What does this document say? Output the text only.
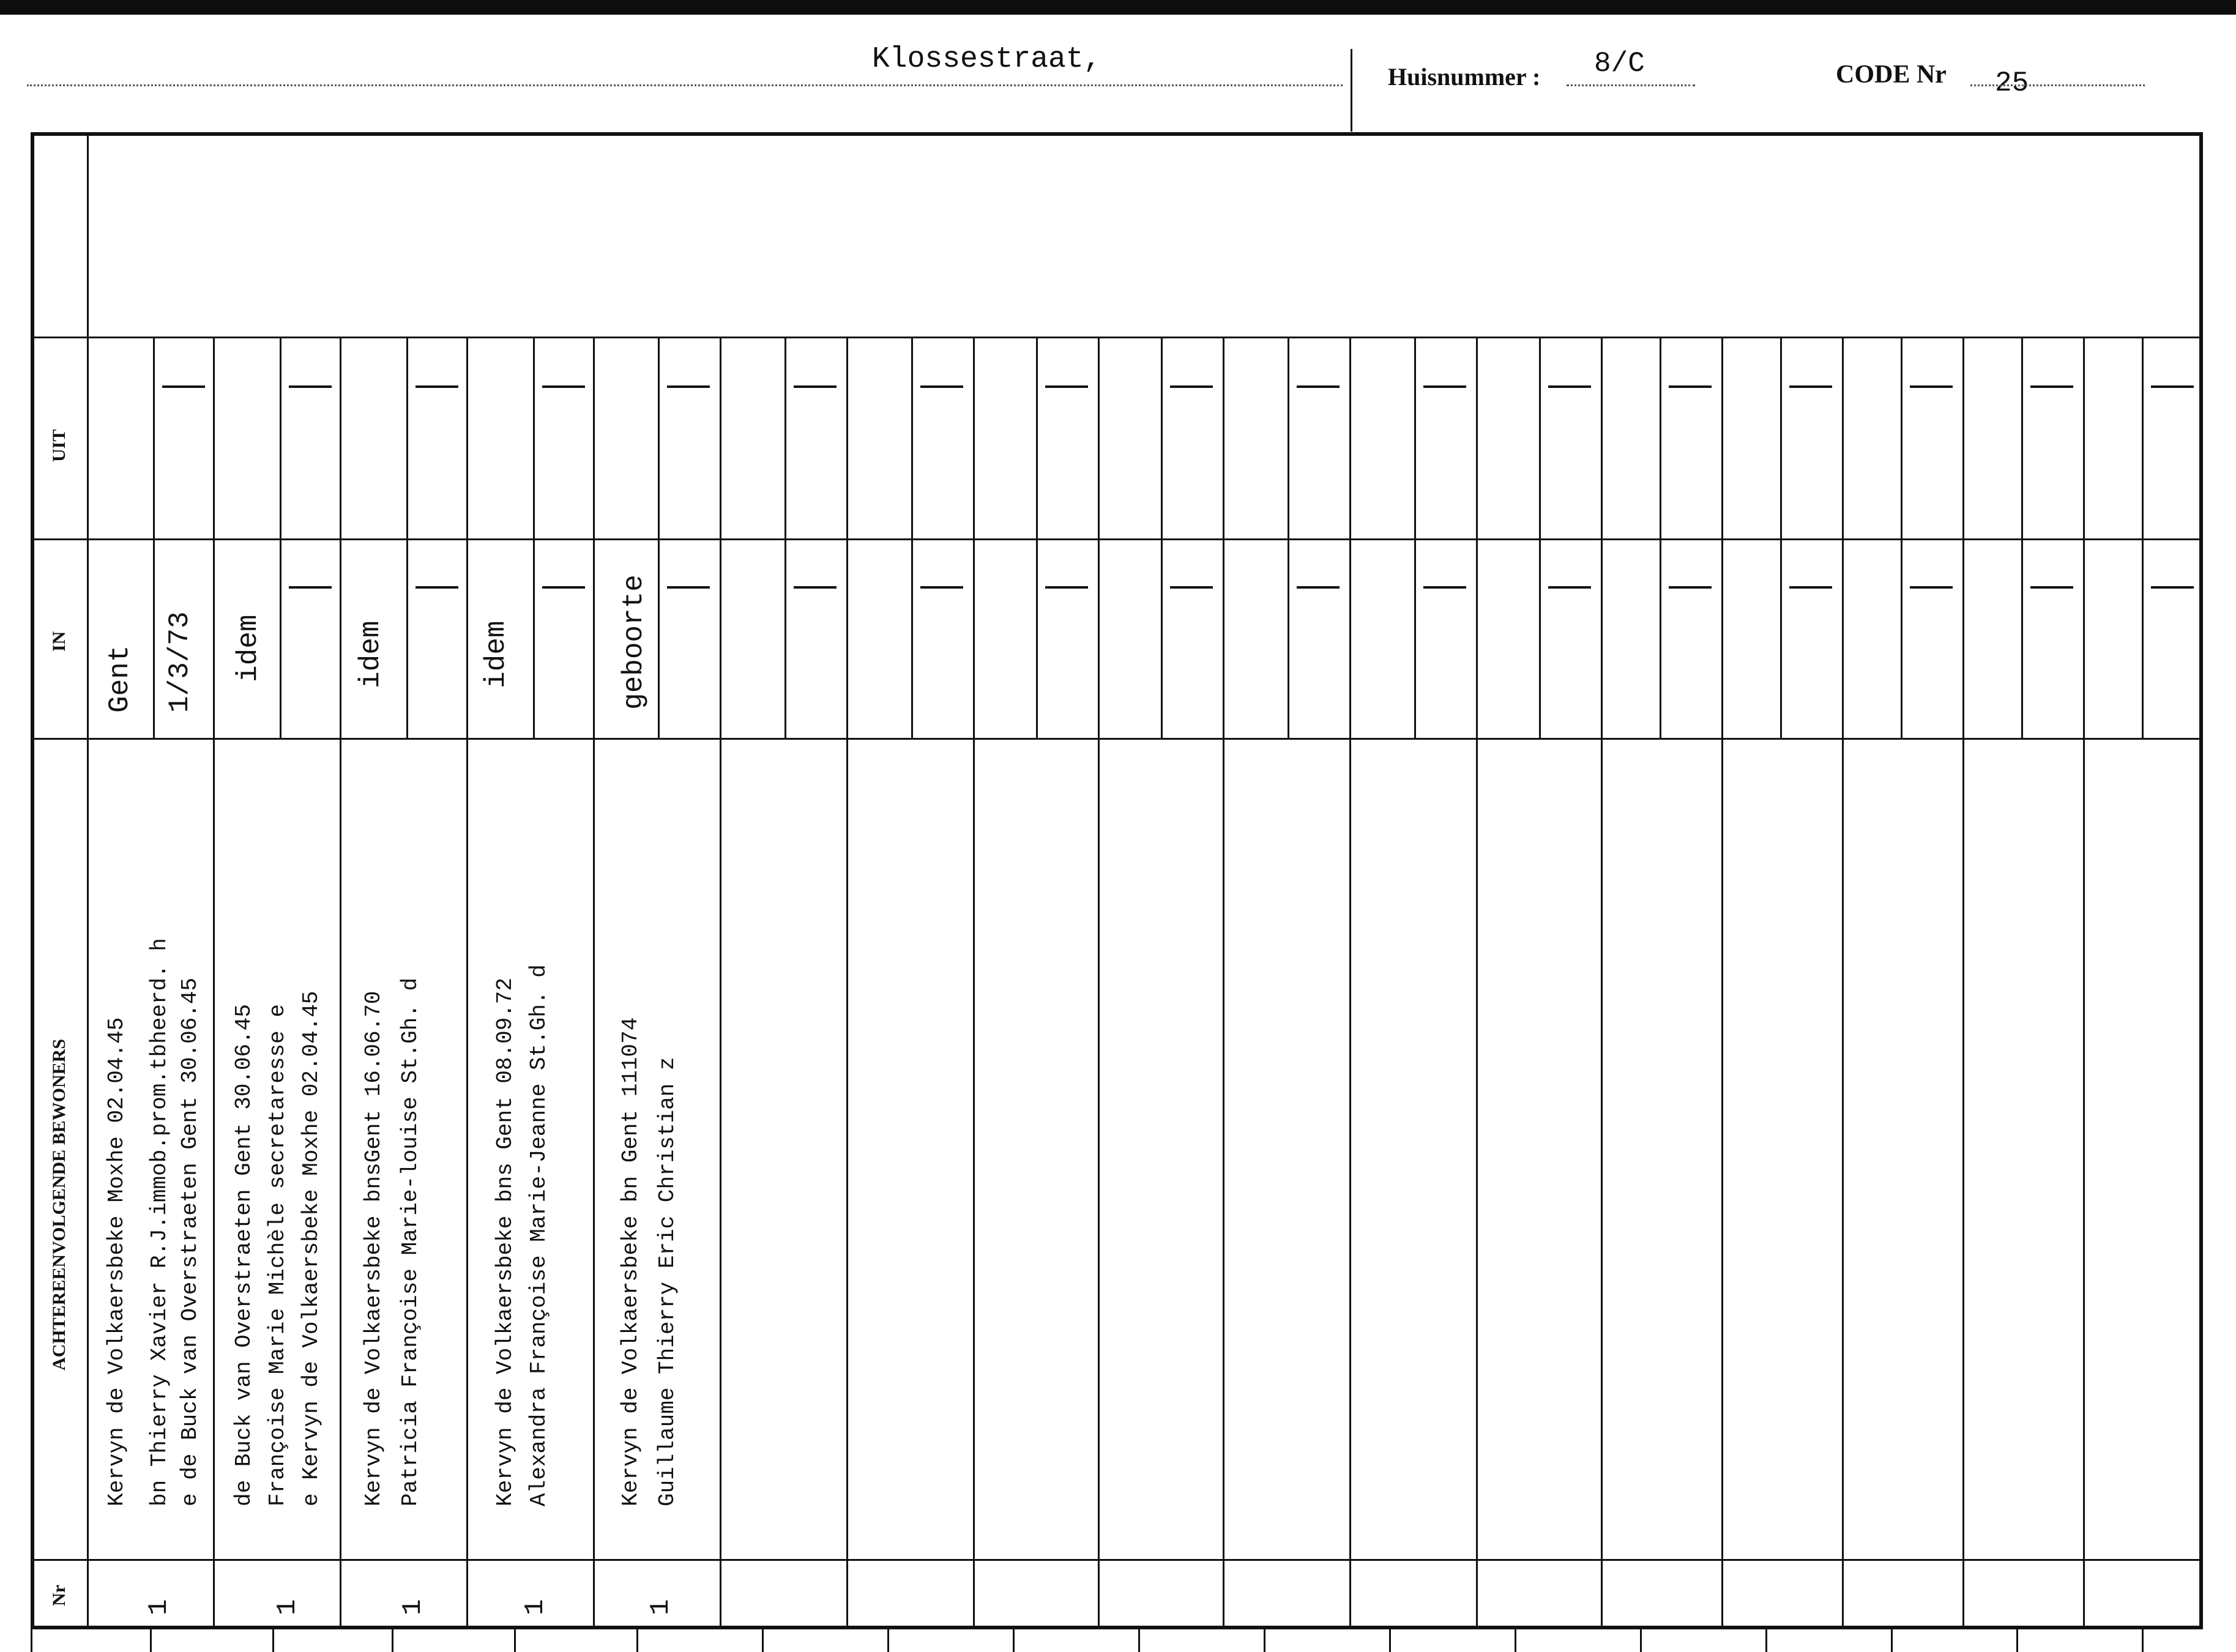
Klossestraat,
Huisnummer : 8/C	CODE Nr 25
Nr
ACHTEREENVOLGENDE BEWONERS
IN
UIT
Kervyn de Volkaersbeke Moxhe 02.04.45 bn Thierry Xavier R.J.immob.prom.tbheerd. h e de Buck van Overstraeten Gent 30.06.45
Gent 1/3/73
1
de Buck van Overstraeten Gent 30.06.45 Françoise Marie Michèle secretaresse e e Kervyn de Volkaersbeke Moxhe 02.04.45
idem
1
Kervyn de Volkaersbeke bnsGent 16.06.70 Patricia Françoise Marie-louise St.Gh. d
idem
1
Kervyn de Volkaersbeke bns Gent 08.09.72 Alexandra Françoise Marie-Jeanne St.Gh. d
idem
1
Kervyn de Volkaersbeke bn Gent 111074 Guillaume Thierry Eric Christian z
geboorte
1
